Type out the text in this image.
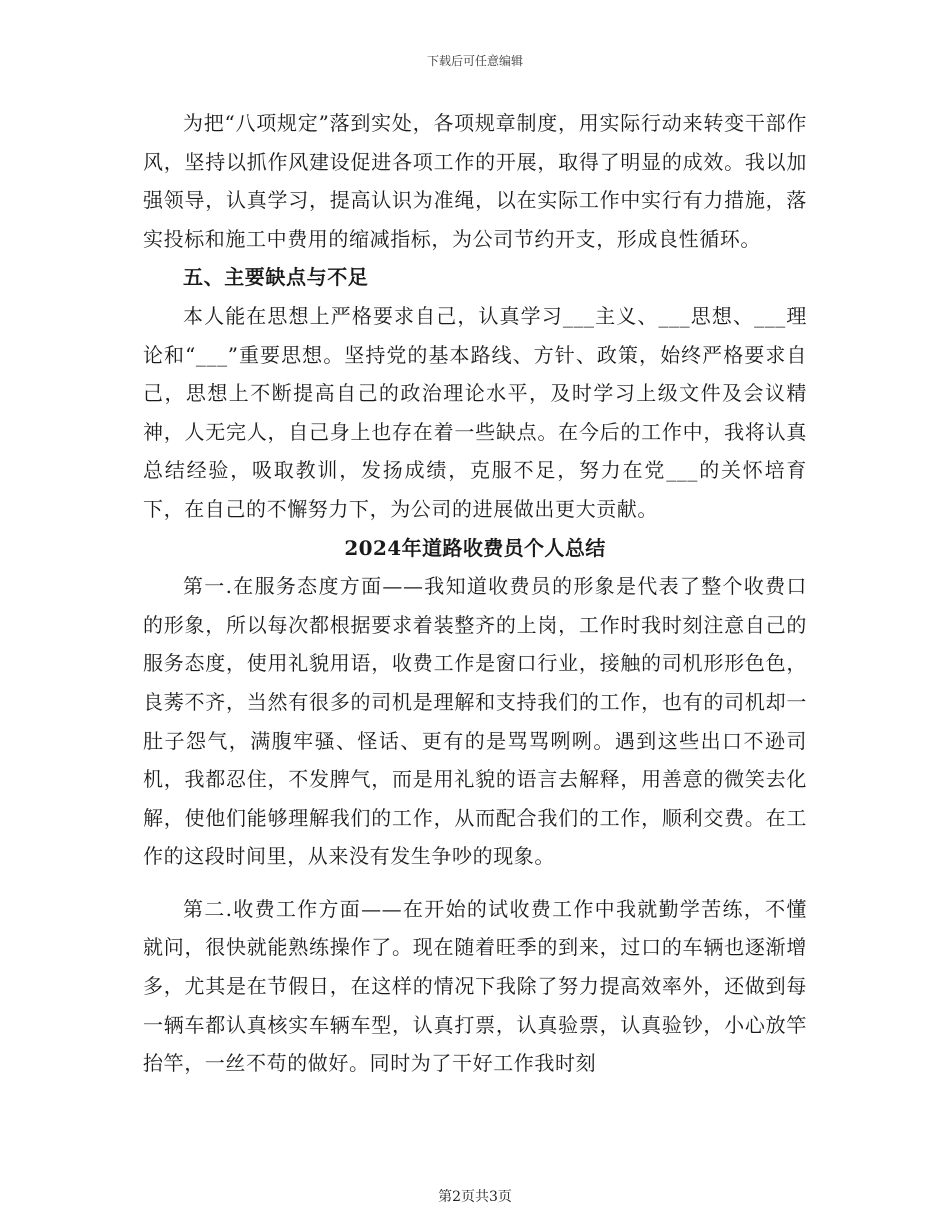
下载后可任意编辑

为把“八项规定”落到实处，各项规章制度，用实际行动来转变干部作风，坚持以抓作风建设促进各项工作的开展，取得了明显的成效。我以加强领导，认真学习，提高认识为准绳，以在实际工作中实行有力措施，落实投标和施工中费用的缩减指标，为公司节约开支，形成良性循环。

五、主要缺点与不足

本人能在思想上严格要求自己，认真学习___主义、___思想、___理论和“___”重要思想。坚持党的基本路线、方针、政策，始终严格要求自己，思想上不断提高自己的政治理论水平，及时学习上级文件及会议精神，人无完人，自己身上也存在着一些缺点。在今后的工作中，我将认真总结经验，吸取教训，发扬成绩，克服不足，努力在党___的关怀培育下，在自己的不懈努力下，为公司的进展做出更大贡献。

2024年道路收费员个人总结

第一.在服务态度方面——我知道收费员的形象是代表了整个收费口的形象，所以每次都根据要求着装整齐的上岗，工作时我时刻注意自己的服务态度，使用礼貌用语，收费工作是窗口行业，接触的司机形形色色，良莠不齐，当然有很多的司机是理解和支持我们的工作，也有的司机却一肚子怨气，满腹牢骚、怪话、更有的是骂骂咧咧。遇到这些出口不逊司机，我都忍住，不发脾气，而是用礼貌的语言去解释，用善意的微笑去化解，使他们能够理解我们的工作，从而配合我们的工作，顺利交费。在工作的这段时间里，从来没有发生争吵的现象。

第二.收费工作方面——在开始的试收费工作中我就勤学苦练，不懂就问，很快就能熟练操作了。现在随着旺季的到来，过口的车辆也逐渐增多，尤其是在节假日，在这样的情况下我除了努力提高效率外，还做到每一辆车都认真核实车辆车型，认真打票，认真验票，认真验钞，小心放竿抬竿，一丝不苟的做好。同时为了干好工作我时刻

第2页共3页
